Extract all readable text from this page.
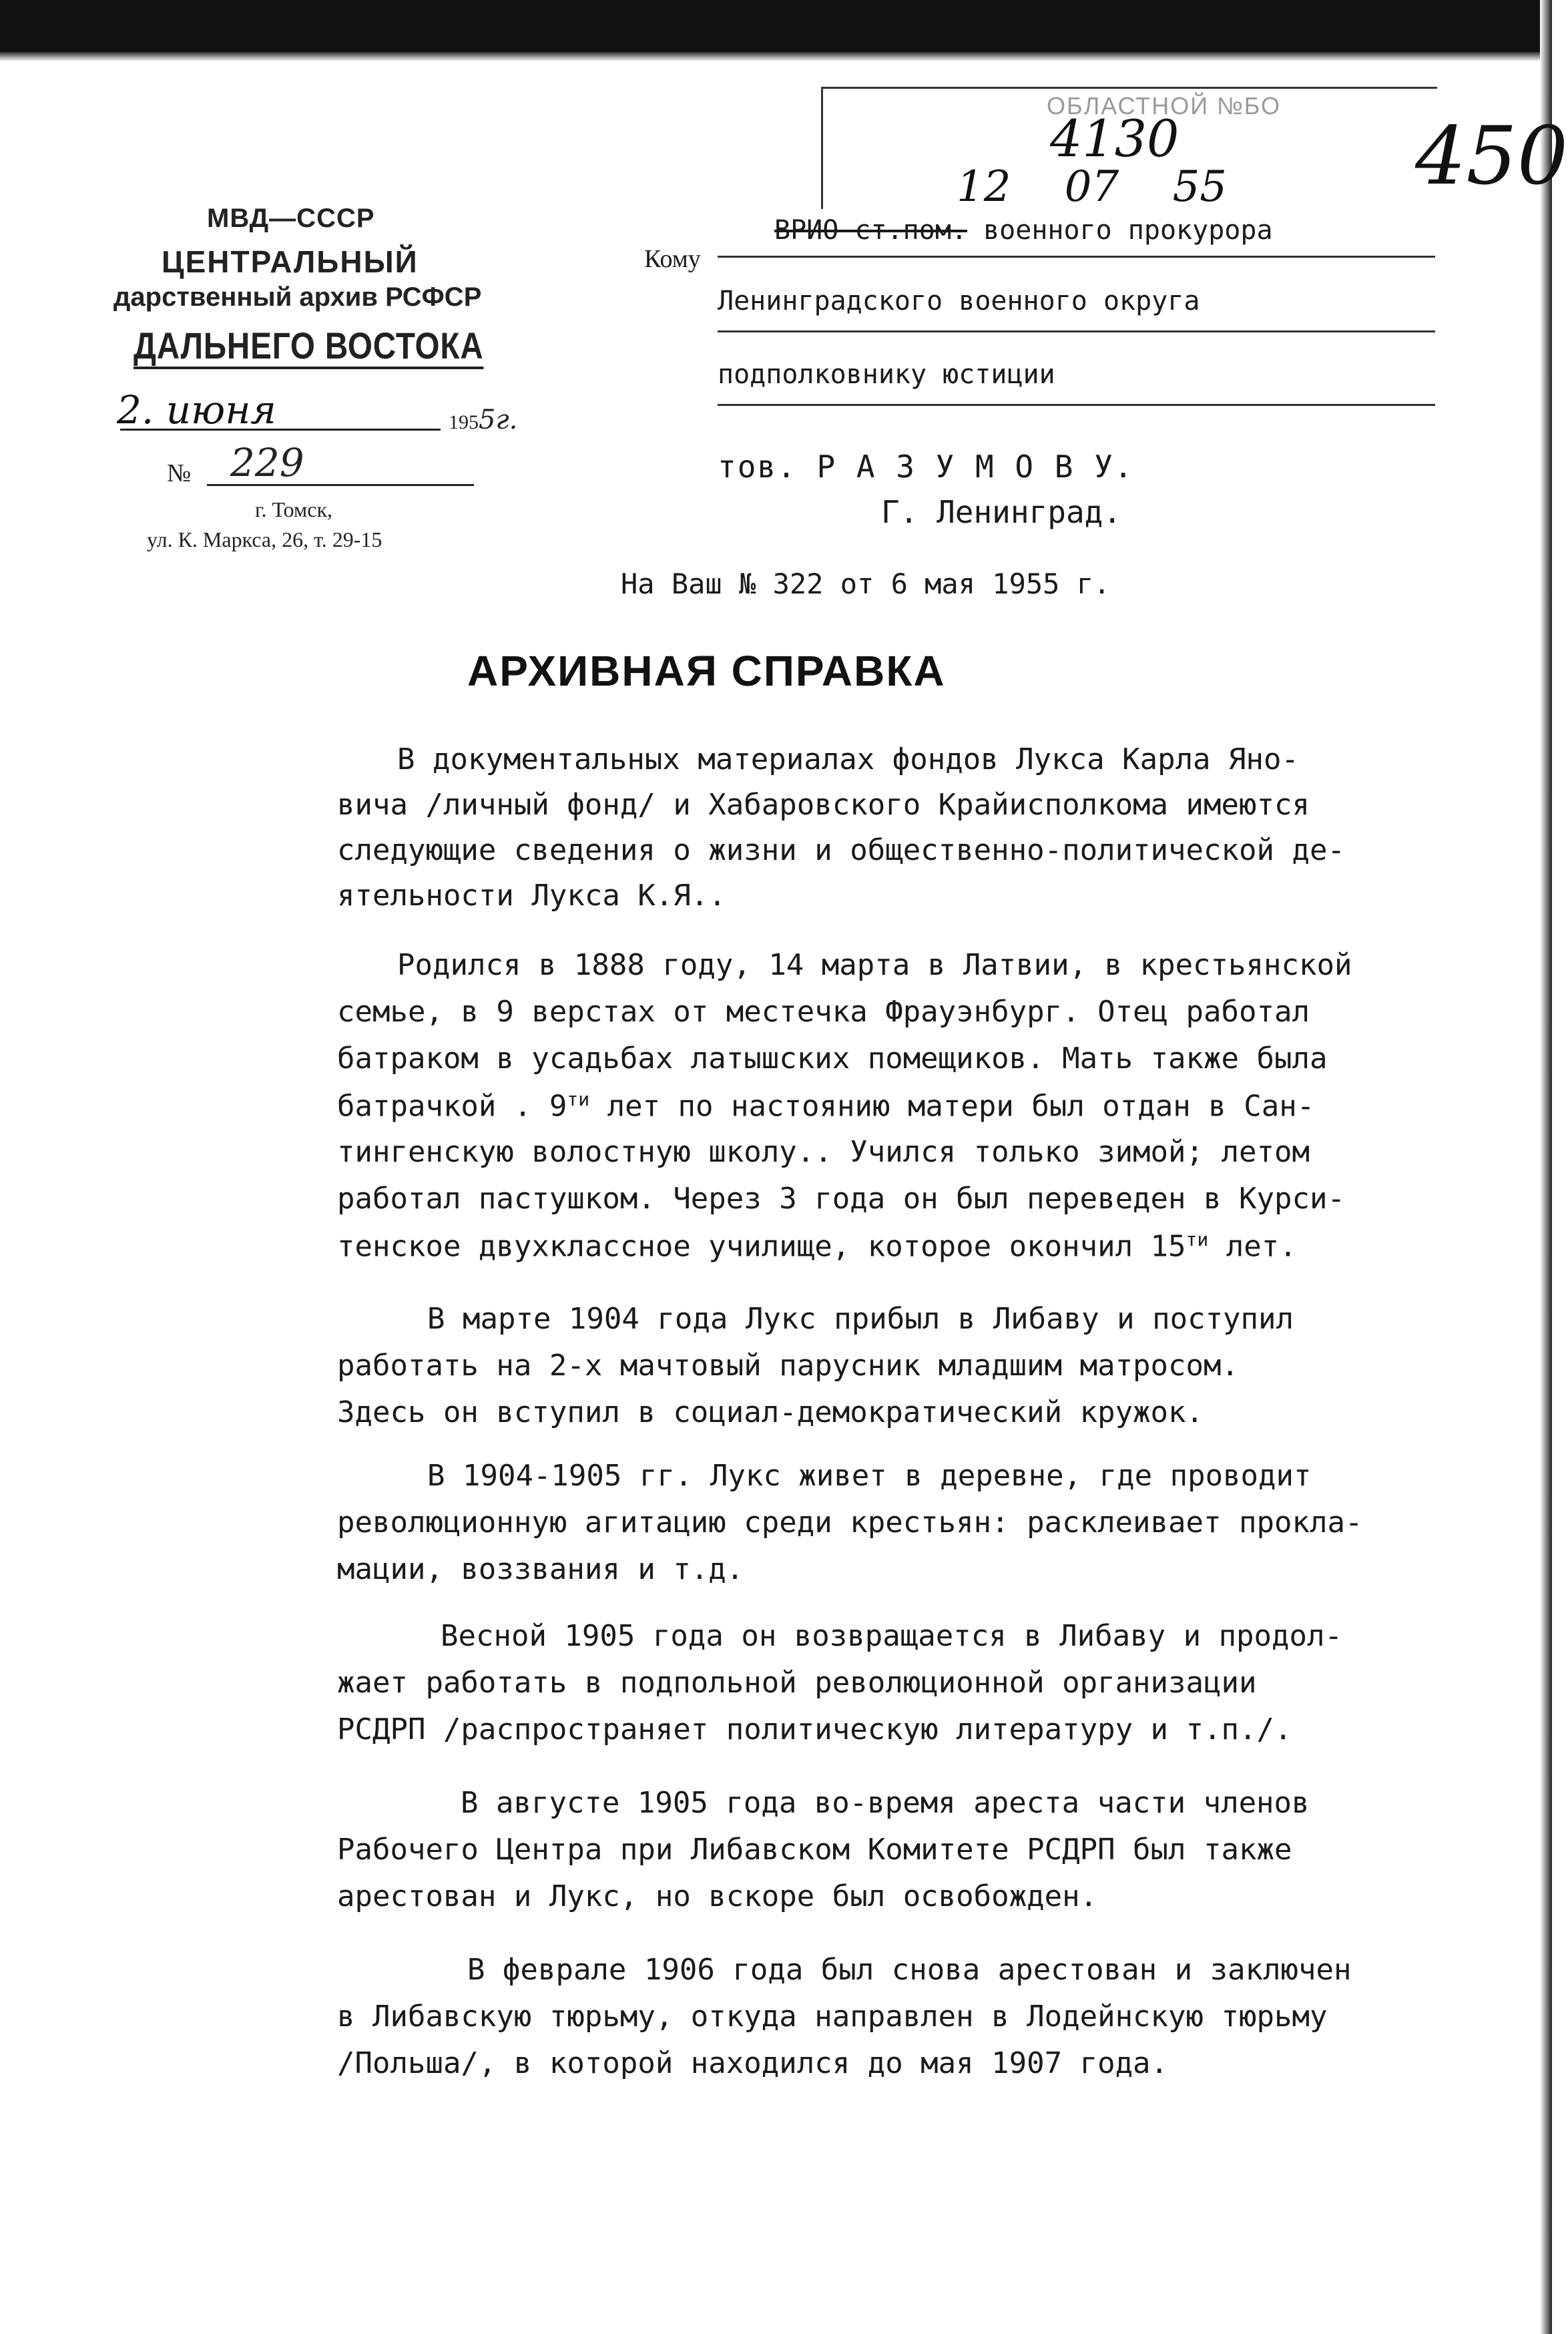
МВД—СССР
ЦЕНТРАЛЬНЫЙ
дарственный архив РСФСР
ДАЛЬНЕГО ВОСТОКА
2. июня	1955г.
№ 229
г. Томск,
ул. К. Маркса, 26, т. 29-15
ОБЛАСТНОЙ №БО
4130
12 07 55 450
Кому
ВРИО ст.пом. военного прокурора
Ленинградского военного округа
подполковнику юстиции
тов. Р А З У М О В У.
Г. Ленинград.
На Ваш № 322 от 6 мая 1955 г.
АРХИВНАЯ СПРАВКА
В документальных материалах фондов Лукса Карла Яно-
вича /личный фонд/ и Хабаровского Крайисполкома имеются
следующие сведения о жизни и общественно-политической де-
ятельности Лукса К.Я..
Родился в 1888 году, 14 марта в Латвии, в крестьянской
семье, в 9 верстах от местечка Фрауэнбург. Отец работал
батраком в усадьбах латышских помещиков. Мать также была
батрачкой . $9^{ти}$ лет по настоянию матери был отдан в Сан-
тингенскую волостную школу.. Учился только зимой; летом
работал пастушком. Через 3 года он был переведен в Курси-
тенское двухклассное училище, которое окончил $15^{ти}$ лет.
В марте 1904 года Лукс прибыл в Либаву и поступил
работать на 2-х мачтовый парусник младшим матросом.
Здесь он вступил в социал-демократический кружок.
В 1904-1905 гг. Лукс живет в деревне, где проводит
революционную агитацию среди крестьян: расклеивает прокла-
мации, воззвания и т.д.
Весной 1905 года он возвращается в Либаву и продол-
жает работать в подпольной революционной организации
РСДРП /распространяет политическую литературу и т.п./.
В августе 1905 года во-время ареста части членов
Рабочего Центра при Либавском Комитете РСДРП был также
арестован и Лукс, но вскоре был освобожден.
В феврале 1906 года был снова арестован и заключен
в Либавскую тюрьму, откуда направлен в Лодейнскую тюрьму
/Польша/, в которой находился до мая 1907 года.
